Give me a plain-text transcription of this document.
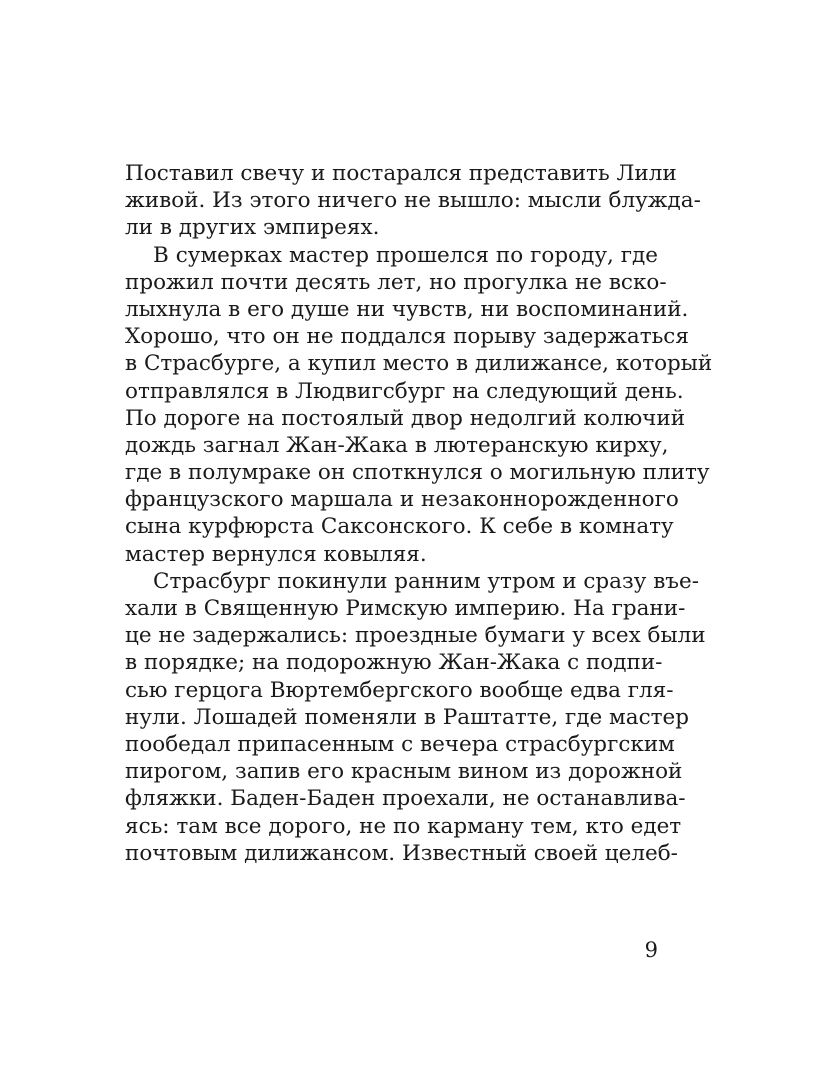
Поставил свечу и постарался представить Лили
живой. Из этого ничего не вышло: мысли блужда-
ли в других эмпиреях.
В сумерках мастер прошелся по городу, где
прожил почти десять лет, но прогулка не вско-
лыхнула в его душе ни чувств, ни воспоминаний.
Хорошо, что он не поддался порыву задержаться
в Страсбурге, а купил место в дилижансе, который
отправлялся в Людвигсбург на следующий день.
По дороге на постоялый двор недолгий колючий
дождь загнал Жан-Жака в лютеранскую кирху,
где в полумраке он споткнулся о могильную плиту
французского маршала и незаконнорожденного
сына курфюрста Саксонского. К себе в комнату
мастер вернулся ковыляя.
Страсбург покинули ранним утром и сразу въе-
хали в Священную Римскую империю. На грани-
це не задержались: проездные бумаги у всех были
в порядке; на подорожную Жан-Жака с подпи-
сью герцога Вюртембергского вообще едва гля-
нули. Лошадей поменяли в Раштатте, где мастер
пообедал припасенным с вечера страсбургским
пирогом, запив его красным вином из дорожной
фляжки. Баден-Баден проехали, не останавлива-
ясь: там все дорого, не по карману тем, кто едет
почтовым дилижансом. Известный своей целеб-
9
